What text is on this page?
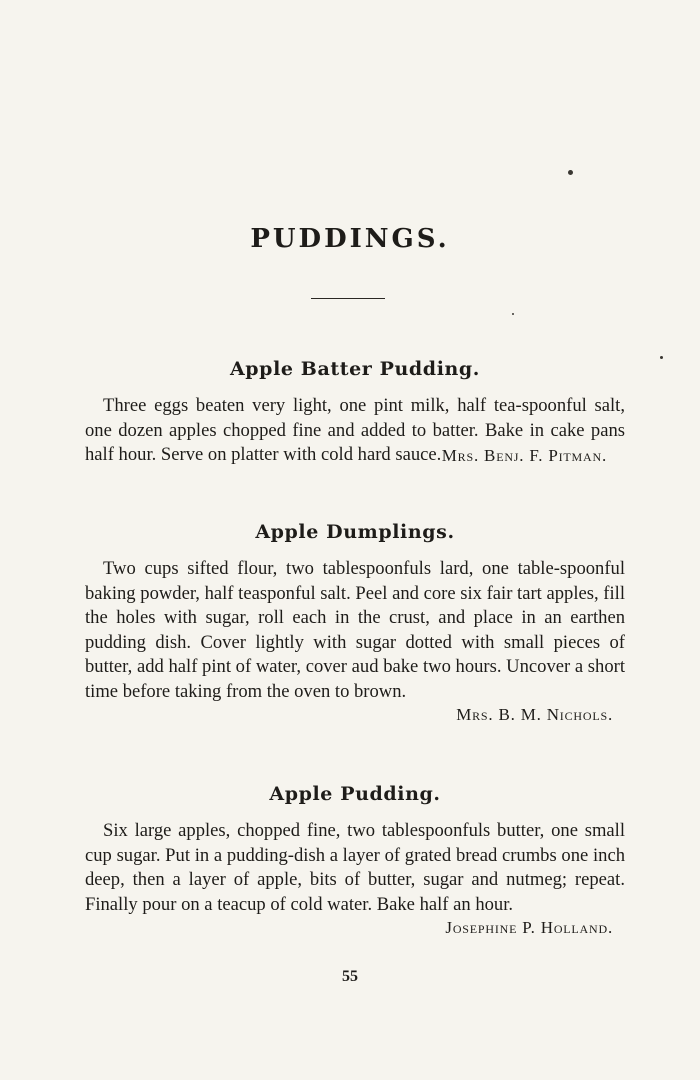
PUDDINGS.
Apple Batter Pudding.

Three eggs beaten very light, one pint milk, half tea-spoonful salt, one dozen apples chopped fine and added to batter. Bake in cake pans half hour. Serve on platter with cold hard sauce. Mrs. Benj. F. Pitman.

Apple Dumplings.

Two cups sifted flour, two tablespoonfuls lard, one table-spoonful baking powder, half teasponful salt. Peel and core six fair tart apples, fill the holes with sugar, roll each in the crust, and place in an earthen pudding dish. Cover lightly with sugar dotted with small pieces of butter, add half pint of water, cover aud bake two hours. Uncover a short time before taking from the oven to brown.

Mrs. B. M. Nichols.

Apple Pudding.

Six large apples, chopped fine, two tablespoonfuls butter, one small cup sugar. Put in a pudding-dish a layer of grated bread crumbs one inch deep, then a layer of apple, bits of butter, sugar and nutmeg; repeat. Finally pour on a teacup of cold water. Bake half an hour.

Josephine P. Holland.

55
